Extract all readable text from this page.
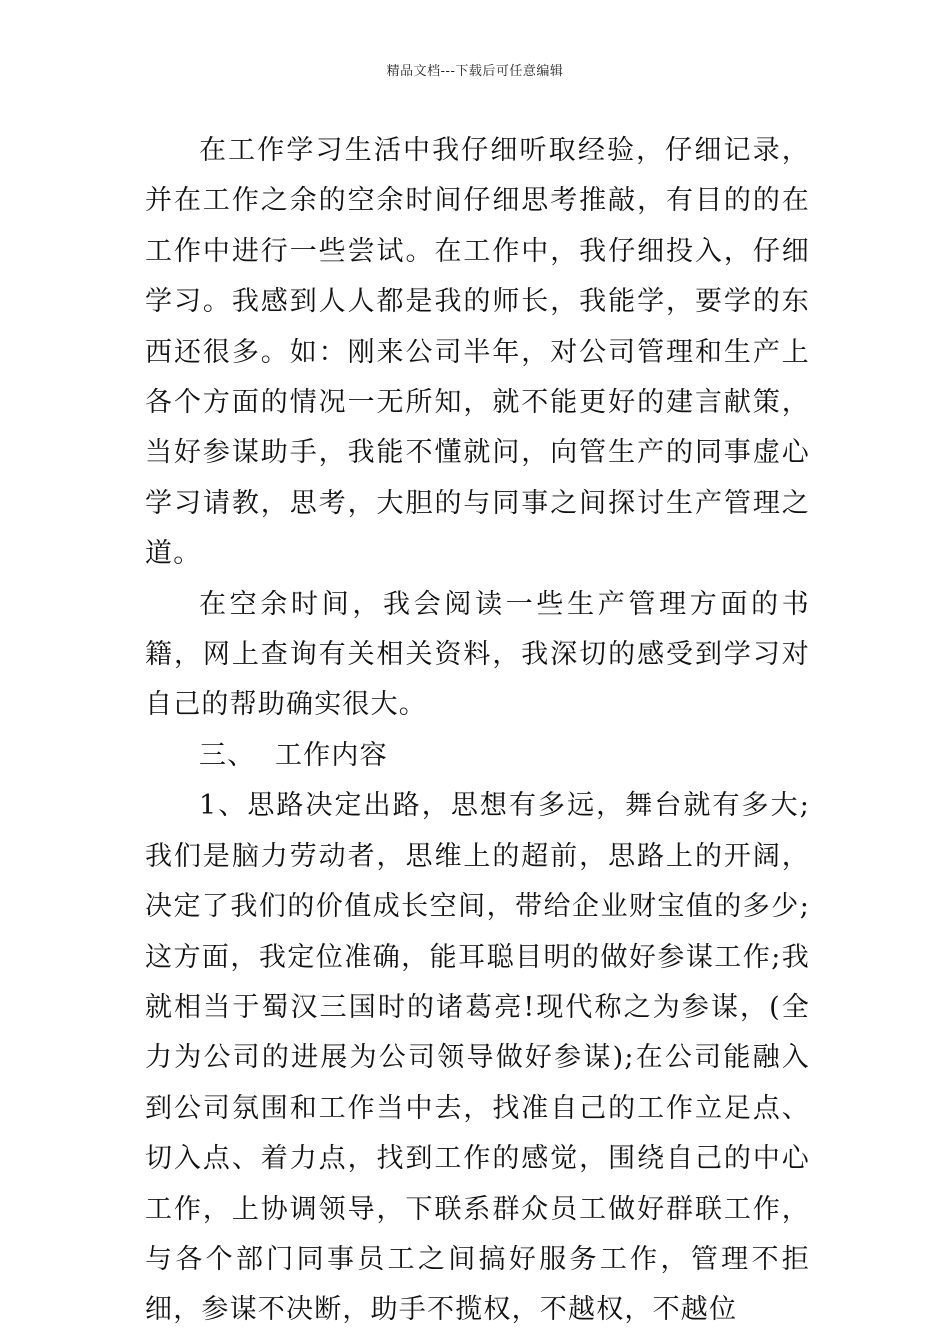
精品文档---下载后可任意编辑

在工作学习生活中我仔细听取经验，仔细记录，并在工作之余的空余时间仔细思考推敲，有目的的在工作中进行一些尝试。在工作中，我仔细投入，仔细学习。我感到人人都是我的师长，我能学，要学的东西还很多。如：刚来公司半年，对公司管理和生产上各个方面的情况一无所知，就不能更好的建言献策，当好参谋助手，我能不懂就问，向管生产的同事虚心学习请教，思考，大胆的与同事之间探讨生产管理之道。

在空余时间，我会阅读一些生产管理方面的书籍，网上查询有关相关资料，我深切的感受到学习对自己的帮助确实很大。

三、 工作内容

1、思路决定出路，思想有多远，舞台就有多大;我们是脑力劳动者，思维上的超前，思路上的开阔，决定了我们的价值成长空间，带给企业财宝值的多少;这方面，我定位准确，能耳聪目明的做好参谋工作;我就相当于蜀汉三国时的诸葛亮!现代称之为参谋，(全力为公司的进展为公司领导做好参谋);在公司能融入到公司氛围和工作当中去，找准自己的工作立足点、切入点、着力点，找到工作的感觉，围绕自己的中心工作，上协调领导，下联系群众员工做好群联工作，与各个部门同事员工之间搞好服务工作，管理不拒细，参谋不决断，助手不揽权，不越权，不越位
